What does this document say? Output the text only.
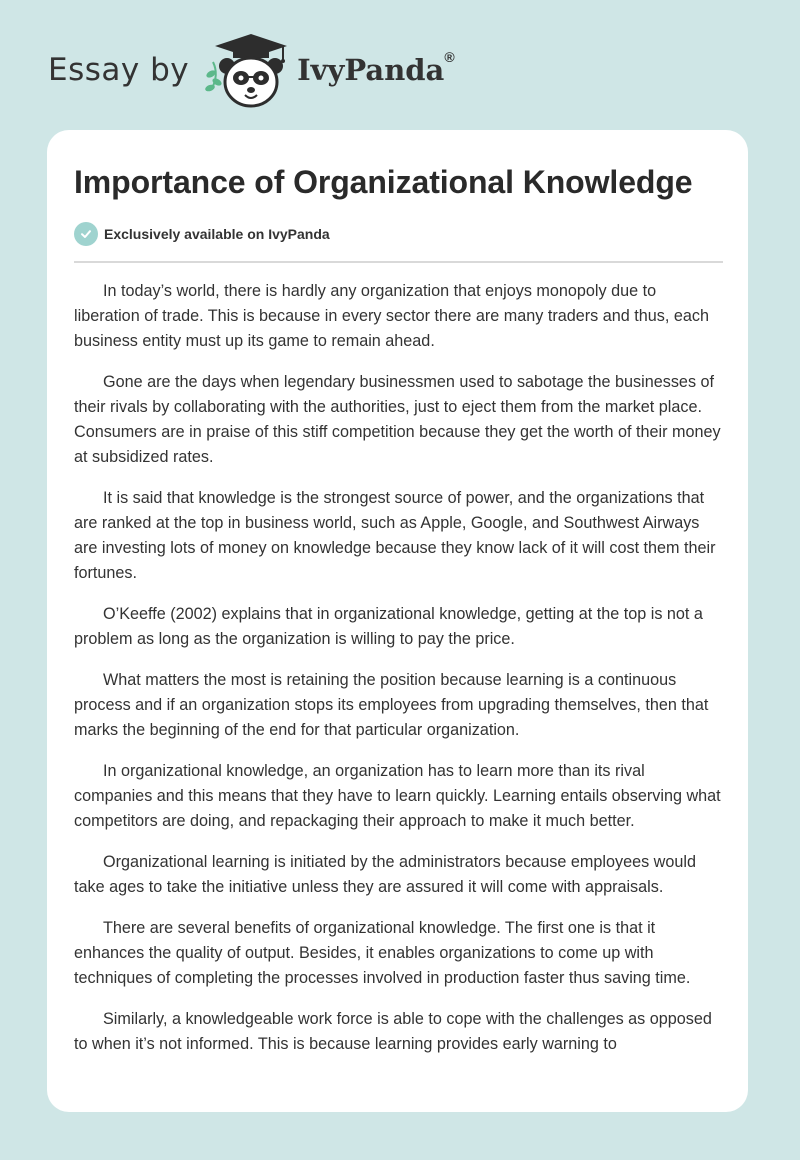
Essay by	IvyPanda®
Importance of Organizational Knowledge
Exclusively available on IvyPanda

In today’s world, there is hardly any organization that enjoys monopoly due to liberation of trade. This is because in every sector there are many traders and thus, each business entity must up its game to remain ahead.

Gone are the days when legendary businessmen used to sabotage the businesses of their rivals by collaborating with the authorities, just to eject them from the market place. Consumers are in praise of this stiff competition because they get the worth of their money at subsidized rates.

It is said that knowledge is the strongest source of power, and the organizations that are ranked at the top in business world, such as Apple, Google, and Southwest Airways are investing lots of money on knowledge because they know lack of it will cost them their fortunes.

O’Keeffe (2002) explains that in organizational knowledge, getting at the top is not a problem as long as the organization is willing to pay the price.

What matters the most is retaining the position because learning is a continuous process and if an organization stops its employees from upgrading themselves, then that marks the beginning of the end for that particular organization.

In organizational knowledge, an organization has to learn more than its rival companies and this means that they have to learn quickly. Learning entails observing what competitors are doing, and repackaging their approach to make it much better.

Organizational learning is initiated by the administrators because employees would take ages to take the initiative unless they are assured it will come with appraisals.

There are several benefits of organizational knowledge. The first one is that it enhances the quality of output. Besides, it enables organizations to come up with techniques of completing the processes involved in production faster thus saving time.

Similarly, a knowledgeable work force is able to cope with the challenges as opposed to when it’s not informed. This is because learning provides early warning to
